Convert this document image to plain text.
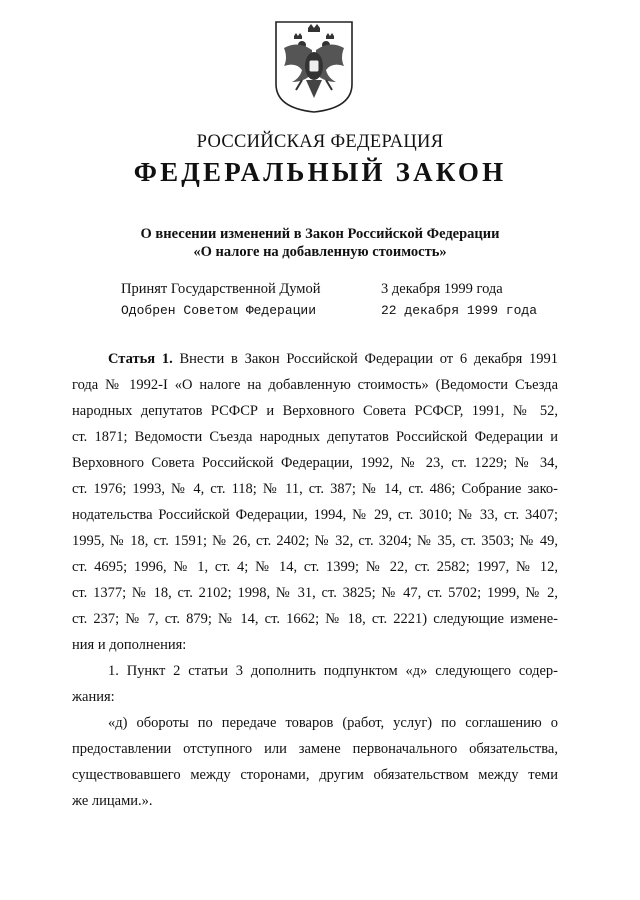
РОССИЙСКАЯ ФЕДЕРАЦИЯ
ФЕДЕРАЛЬНЫЙ ЗАКОН
О внесении изменений в Закон Российской Федерации
«О налоге на добавленную стоимость»
Принят Государственной Думой	3 декабря 1999 года
Одобрен Советом Федерации	22 декабря 1999 года
Статья 1. Внести в Закон Российской Федерации от 6 декабря 1991
года № 1992-I «О налоге на добавленную стоимость» (Ведомости Съезда
народных депутатов РСФСР и Верховного Совета РСФСР, 1991, № 52,
ст. 1871; Ведомости Съезда народных депутатов Российской Федерации и
Верховного Совета Российской Федерации, 1992, № 23, ст. 1229; № 34,
ст. 1976; 1993, № 4, ст. 118; № 11, ст. 387; № 14, ст. 486; Собрание зако-
нодательства Российской Федерации, 1994, № 29, ст. 3010; № 33, ст. 3407;
1995, № 18, ст. 1591; № 26, ст. 2402; № 32, ст. 3204; № 35, ст. 3503; № 49,
ст. 4695; 1996, № 1, ст. 4; № 14, ст. 1399; № 22, ст. 2582; 1997, № 12,
ст. 1377; № 18, ст. 2102; 1998, № 31, ст. 3825; № 47, ст. 5702; 1999, № 2,
ст. 237; № 7, ст. 879; № 14, ст. 1662; № 18, ст. 2221) следующие измене-
ния и дополнения:
1. Пункт 2 статьи 3 дополнить подпунктом «д» следующего содер-
жания:
«д) обороты по передаче товаров (работ, услуг) по соглашению о
предоставлении отступного или замене первоначального обязательства,
существовавшего между сторонами, другим обязательством между теми
же лицами.».
